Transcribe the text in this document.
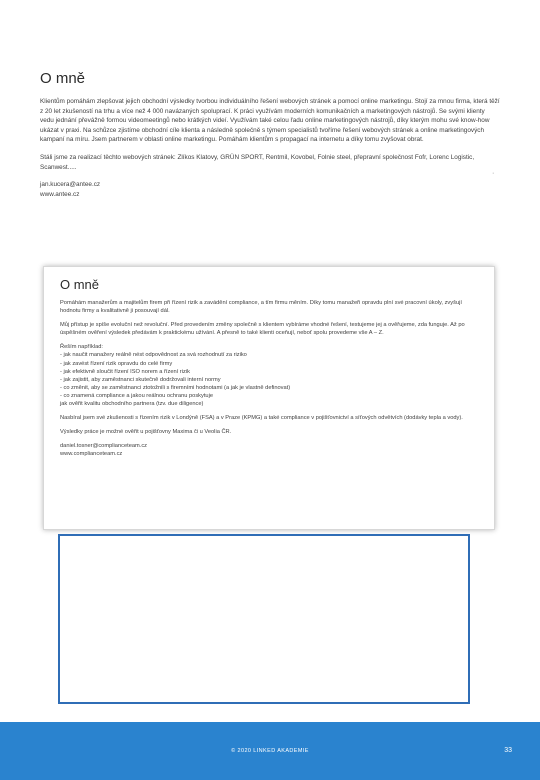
O mně

Klientům pomáhám zlepšovat jejich obchodní výsledky tvorbou individuálního řešení webových stránek a pomocí online marketingu. Stojí za mnou firma, která těží z 20 let zkušeností na trhu a více než 4 000 navázaných spoluprací. K práci využívám moderních komunikačních a marketingových nástrojů. Se svými klienty vedu jednání převážně formou videomeetingů nebo krátkých videí. Využívám také celou řadu online marketingových nástrojů, díky kterým mohu své know-how ukázat v praxi. Na schůzce zjistíme obchodní cíle klienta a následně společně s týmem specialistů tvoříme řešení webových stránek a online marketingových kampaní na míru. Jsem partnerem v oblasti online marketingu. Pomáhám klientům s propagací na internetu a díky tomu zvyšovat obrat.

Stáli jsme za realizací těchto webových stránek: Zlíkos Klatovy, GRÜN SPORT, Rentmil, Kovobel, Folnie steel, přepravní společnost Fofr, Lorenc Logistic, Scanwest.....

jan.kucera@antee.cz
www.antee.cz
·
O mně

Pomáhám manažerům a majitelům firem při řízení rizik a zavádění compliance, a tím firmu měním. Díky tomu manažeři opravdu plní své pracovní úkoly, zvyšují hodnotu firmy a kvalitativně ji posouvají dál.

Můj přístup je spíše evoluční než revoluční. Před provedením změny společně s klientem vybíráme vhodné řešení, testujeme jej a ověřujeme, zda funguje. Až po úspěšném ověření výsledek předávám k praktickému užívání. A přesně to také klienti oceňují, neboť spolu provedeme vše A – Z.

Řeším například:
- jak naučit manažery reálně nést odpovědnost za svá rozhodnutí za riziko
- jak zavést řízení rizik opravdu do celé firmy
- jak efektivně sloučit řízení ISO norem a řízení rizik
- jak zajistit, aby zaměstnanci skutečně dodržovali interní normy
- co změnit, aby se zaměstnanci ztotožnili s firemními hodnotami (a jak je vlastně definovat)
- co znamená compliance a jakou reálnou ochranu poskytuje
jak ověřit kvalitu obchodního partnera (tzv. due diligence)

Nasbíral jsem své zkušenosti s řízením rizik v Londýně (FSA) a v Praze (KPMG) a také compliance v pojišťovnictví a síťových odvětvích (dodávky tepla a vody).

Výsledky práce je možné ověřit u pojišťovny Maxima či u Veolia ČR.

daniel.tosner@complianceteam.cz
www.complianceteam.cz
© 2020 LINKED AKADEMIE	33
